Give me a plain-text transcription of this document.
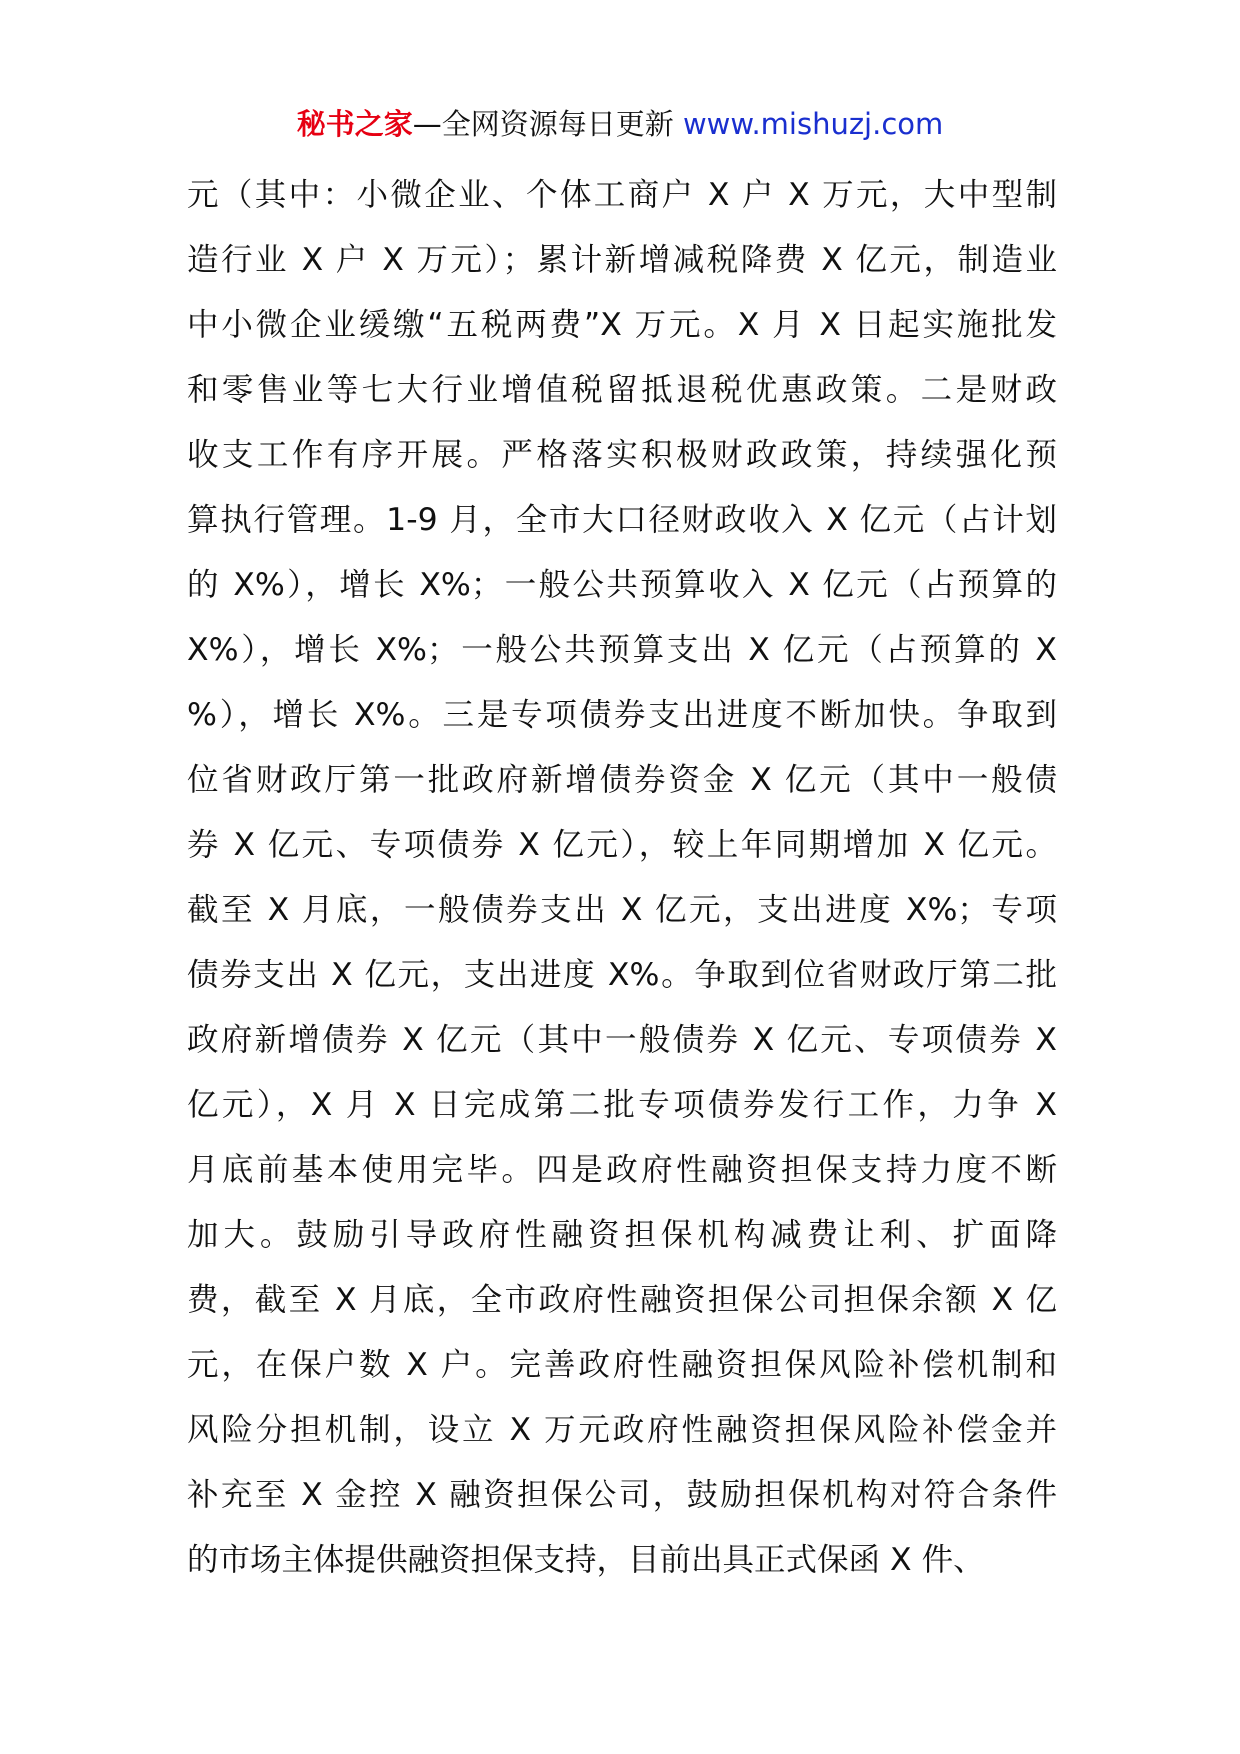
秘书之家—全网资源每日更新 www.mishuzj.com
元（其中：小微企业、个体工商户 X 户 X 万元，大中型制
造行业 X 户 X 万元）；累计新增减税降费 X 亿元，制造业
中小微企业缓缴“五税两费”X 万元。X 月 X 日起实施批发
和零售业等七大行业增值税留抵退税优惠政策。二是财政
收支工作有序开展。严格落实积极财政政策，持续强化预
算执行管理。1-9 月，全市大口径财政收入 X 亿元（占计划
的 X%），增长 X%；一般公共预算收入 X 亿元（占预算的
X%），增长 X%；一般公共预算支出 X 亿元（占预算的 X
%），增长 X%。三是专项债券支出进度不断加快。争取到
位省财政厅第一批政府新增债券资金 X 亿元（其中一般债
券 X 亿元、专项债券 X 亿元），较上年同期增加 X 亿元。
截至 X 月底，一般债券支出 X 亿元，支出进度 X%；专项
债券支出 X 亿元，支出进度 X%。争取到位省财政厅第二批
政府新增债券 X 亿元（其中一般债券 X 亿元、专项债券 X
亿元），X 月 X 日完成第二批专项债券发行工作，力争 X
月底前基本使用完毕。四是政府性融资担保支持力度不断
加大。鼓励引导政府性融资担保机构减费让利、扩面降
费，截至 X 月底，全市政府性融资担保公司担保余额 X 亿
元，在保户数 X 户。完善政府性融资担保风险补偿机制和
风险分担机制，设立 X 万元政府性融资担保风险补偿金并
补充至 X 金控 X 融资担保公司，鼓励担保机构对符合条件
的市场主体提供融资担保支持，目前出具正式保函 X 件、
